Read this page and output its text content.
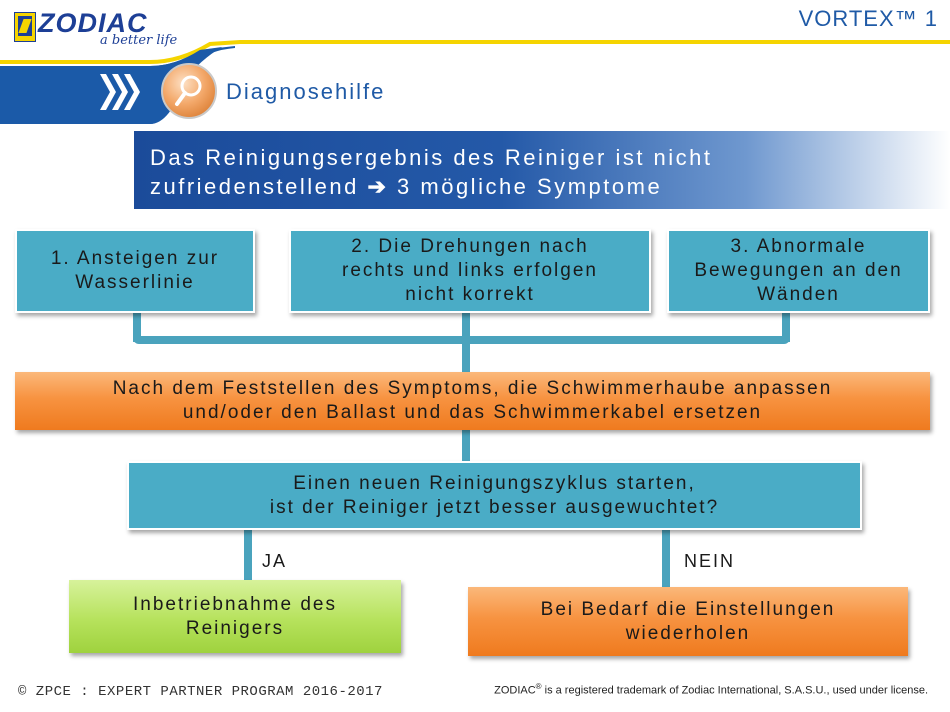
ZODIAC
a better life
VORTEX™ 1
Diagnosehilfe
Das Reinigungsergebnis des Reiniger ist nicht
zufriedenstellend ➔ 3 mögliche Symptome
1. Ansteigen zur
Wasserlinie
2. Die Drehungen nach
rechts und links erfolgen
nicht korrekt
3. Abnormale
Bewegungen an den
Wänden
Nach dem Feststellen des Symptoms, die Schwimmerhaube anpassen
und/oder den Ballast und das Schwimmerkabel ersetzen
Einen neuen Reinigungszyklus starten,
ist der Reiniger jetzt besser ausgewuchtet?
JA	NEIN
Inbetriebnahme des
Reinigers
Bei Bedarf die Einstellungen
wiederholen
© ZPCE : EXPERT PARTNER PROGRAM 2016-2017	ZODIAC® is a registered trademark of Zodiac International, S.A.S.U., used under license.
